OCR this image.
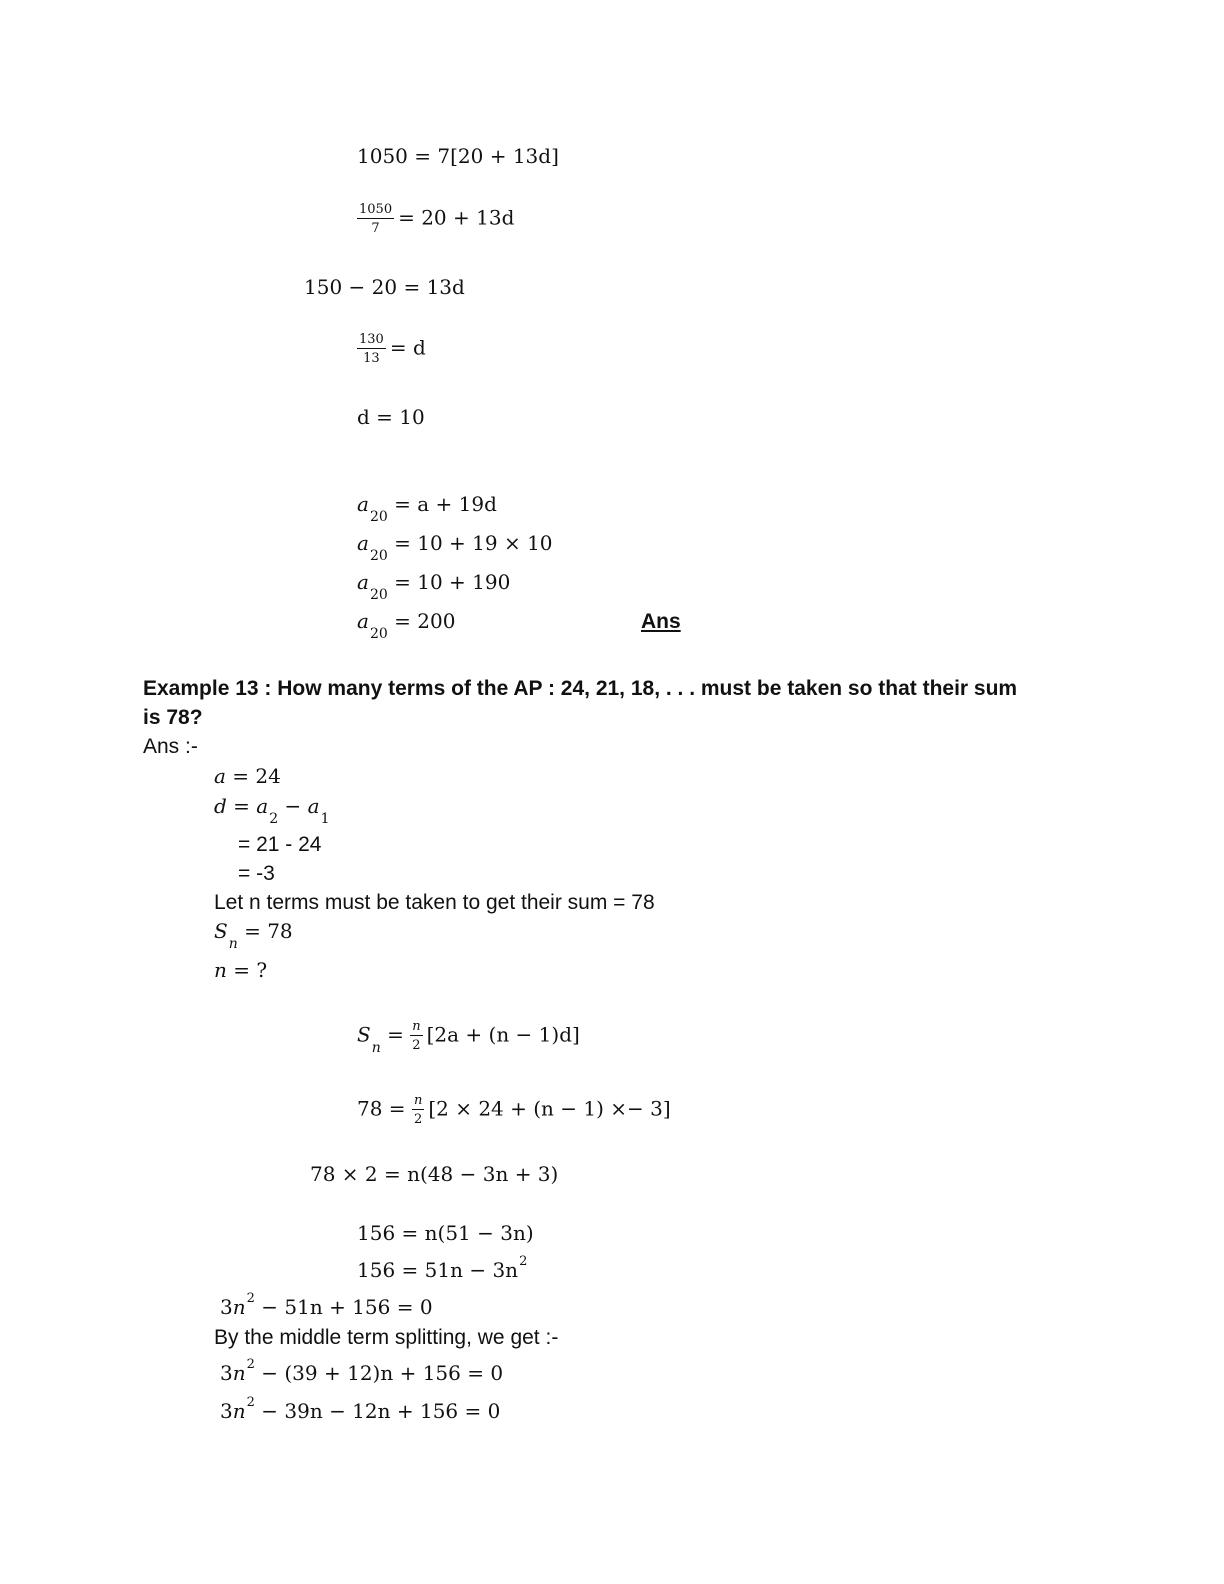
1050 = 7[20 + 13d]
$\frac{1050}{7} = 20 + 13d$
150 − 20 = 13d
$\frac{130}{13} = d$
d = 10
$a_{20} = a + 19d$
$a_{20} = 10 + 19 \times 10$
$a_{20} = 10 + 190$
$a_{20} = 200$	Ans
Example 13 : How many terms of the AP : 24, 21, 18, . . . must be taken so that their sum
is 78?
Ans :-
a = 24
$d = a_2 - a_1$
= 21 - 24
= -3
Let n terms must be taken to get their sum = 78
$S_n = 78$
n = ?
$S_n = \frac{n}{2} [2a + (n - 1)d]$
$78 = \frac{n}{2} [2 \times 24 + (n - 1) \times- 3]$
78 × 2 = n(48 − 3n + 3)
156 = n(51 − 3n)
$156 = 51n - 3n^2$
$3n^2 - 51n + 156 = 0$
By the middle term splitting, we get :-
$3n^2 - (39 + 12)n + 156 = 0$
$3n^2 - 39n - 12n + 156 = 0$
